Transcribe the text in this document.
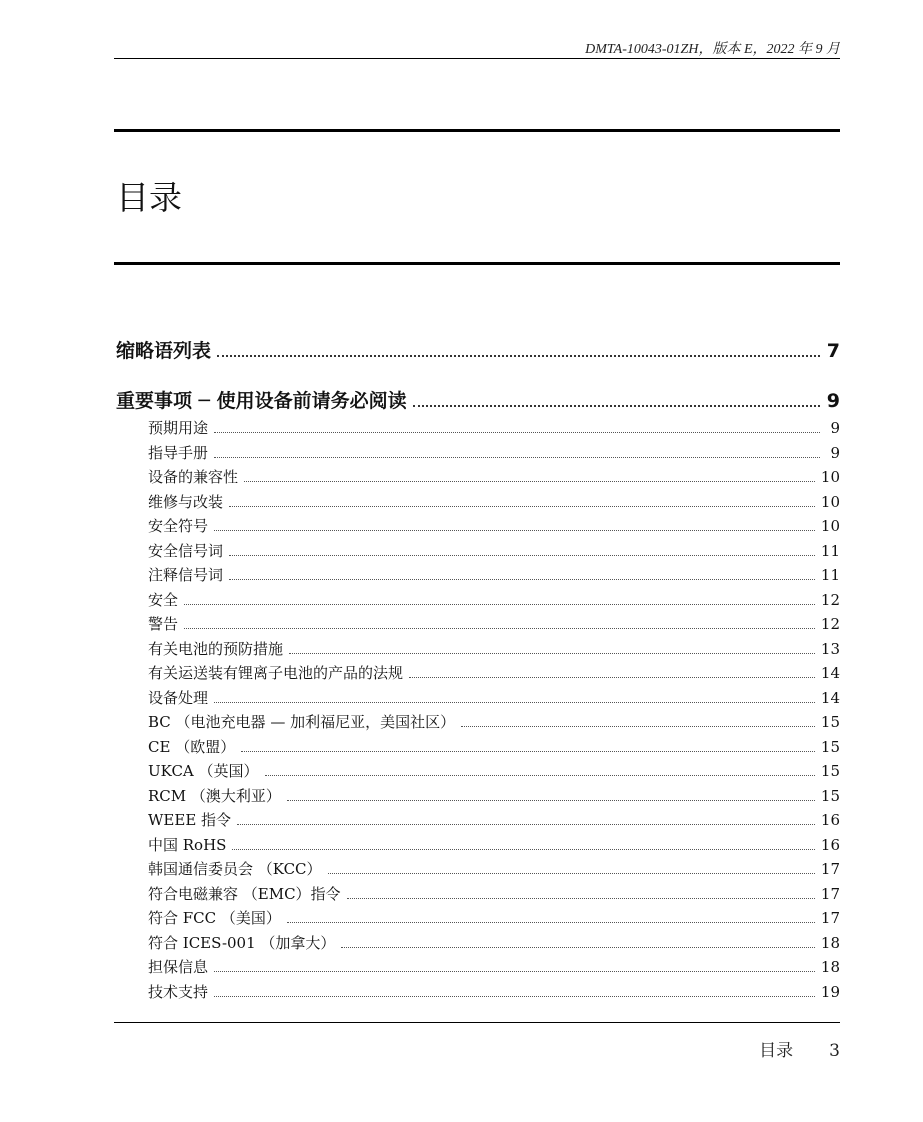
DMTA-10043-01ZH，版本 E，2022 年 9 月
目录
缩略语列表	7
重要事项 ─ 使用设备前请务必阅读	9
预期用途	9
指导手册	9
设备的兼容性	10
维修与改装	10
安全符号	10
安全信号词	11
注释信号词	11
安全	12
警告	12
有关电池的预防措施	13
有关运送装有锂离子电池的产品的法规	14
设备处理	14
BC （电池充电器 — 加利福尼亚，美国社区）	15
CE （欧盟）	15
UKCA （英国）	15
RCM （澳大利亚）	15
WEEE 指令	16
中国 RoHS	16
韩国通信委员会 （KCC）	17
符合电磁兼容 （EMC）指令	17
符合 FCC （美国）	17
符合 ICES-001 （加拿大）	18
担保信息	18
技术支持	19
目录 3
